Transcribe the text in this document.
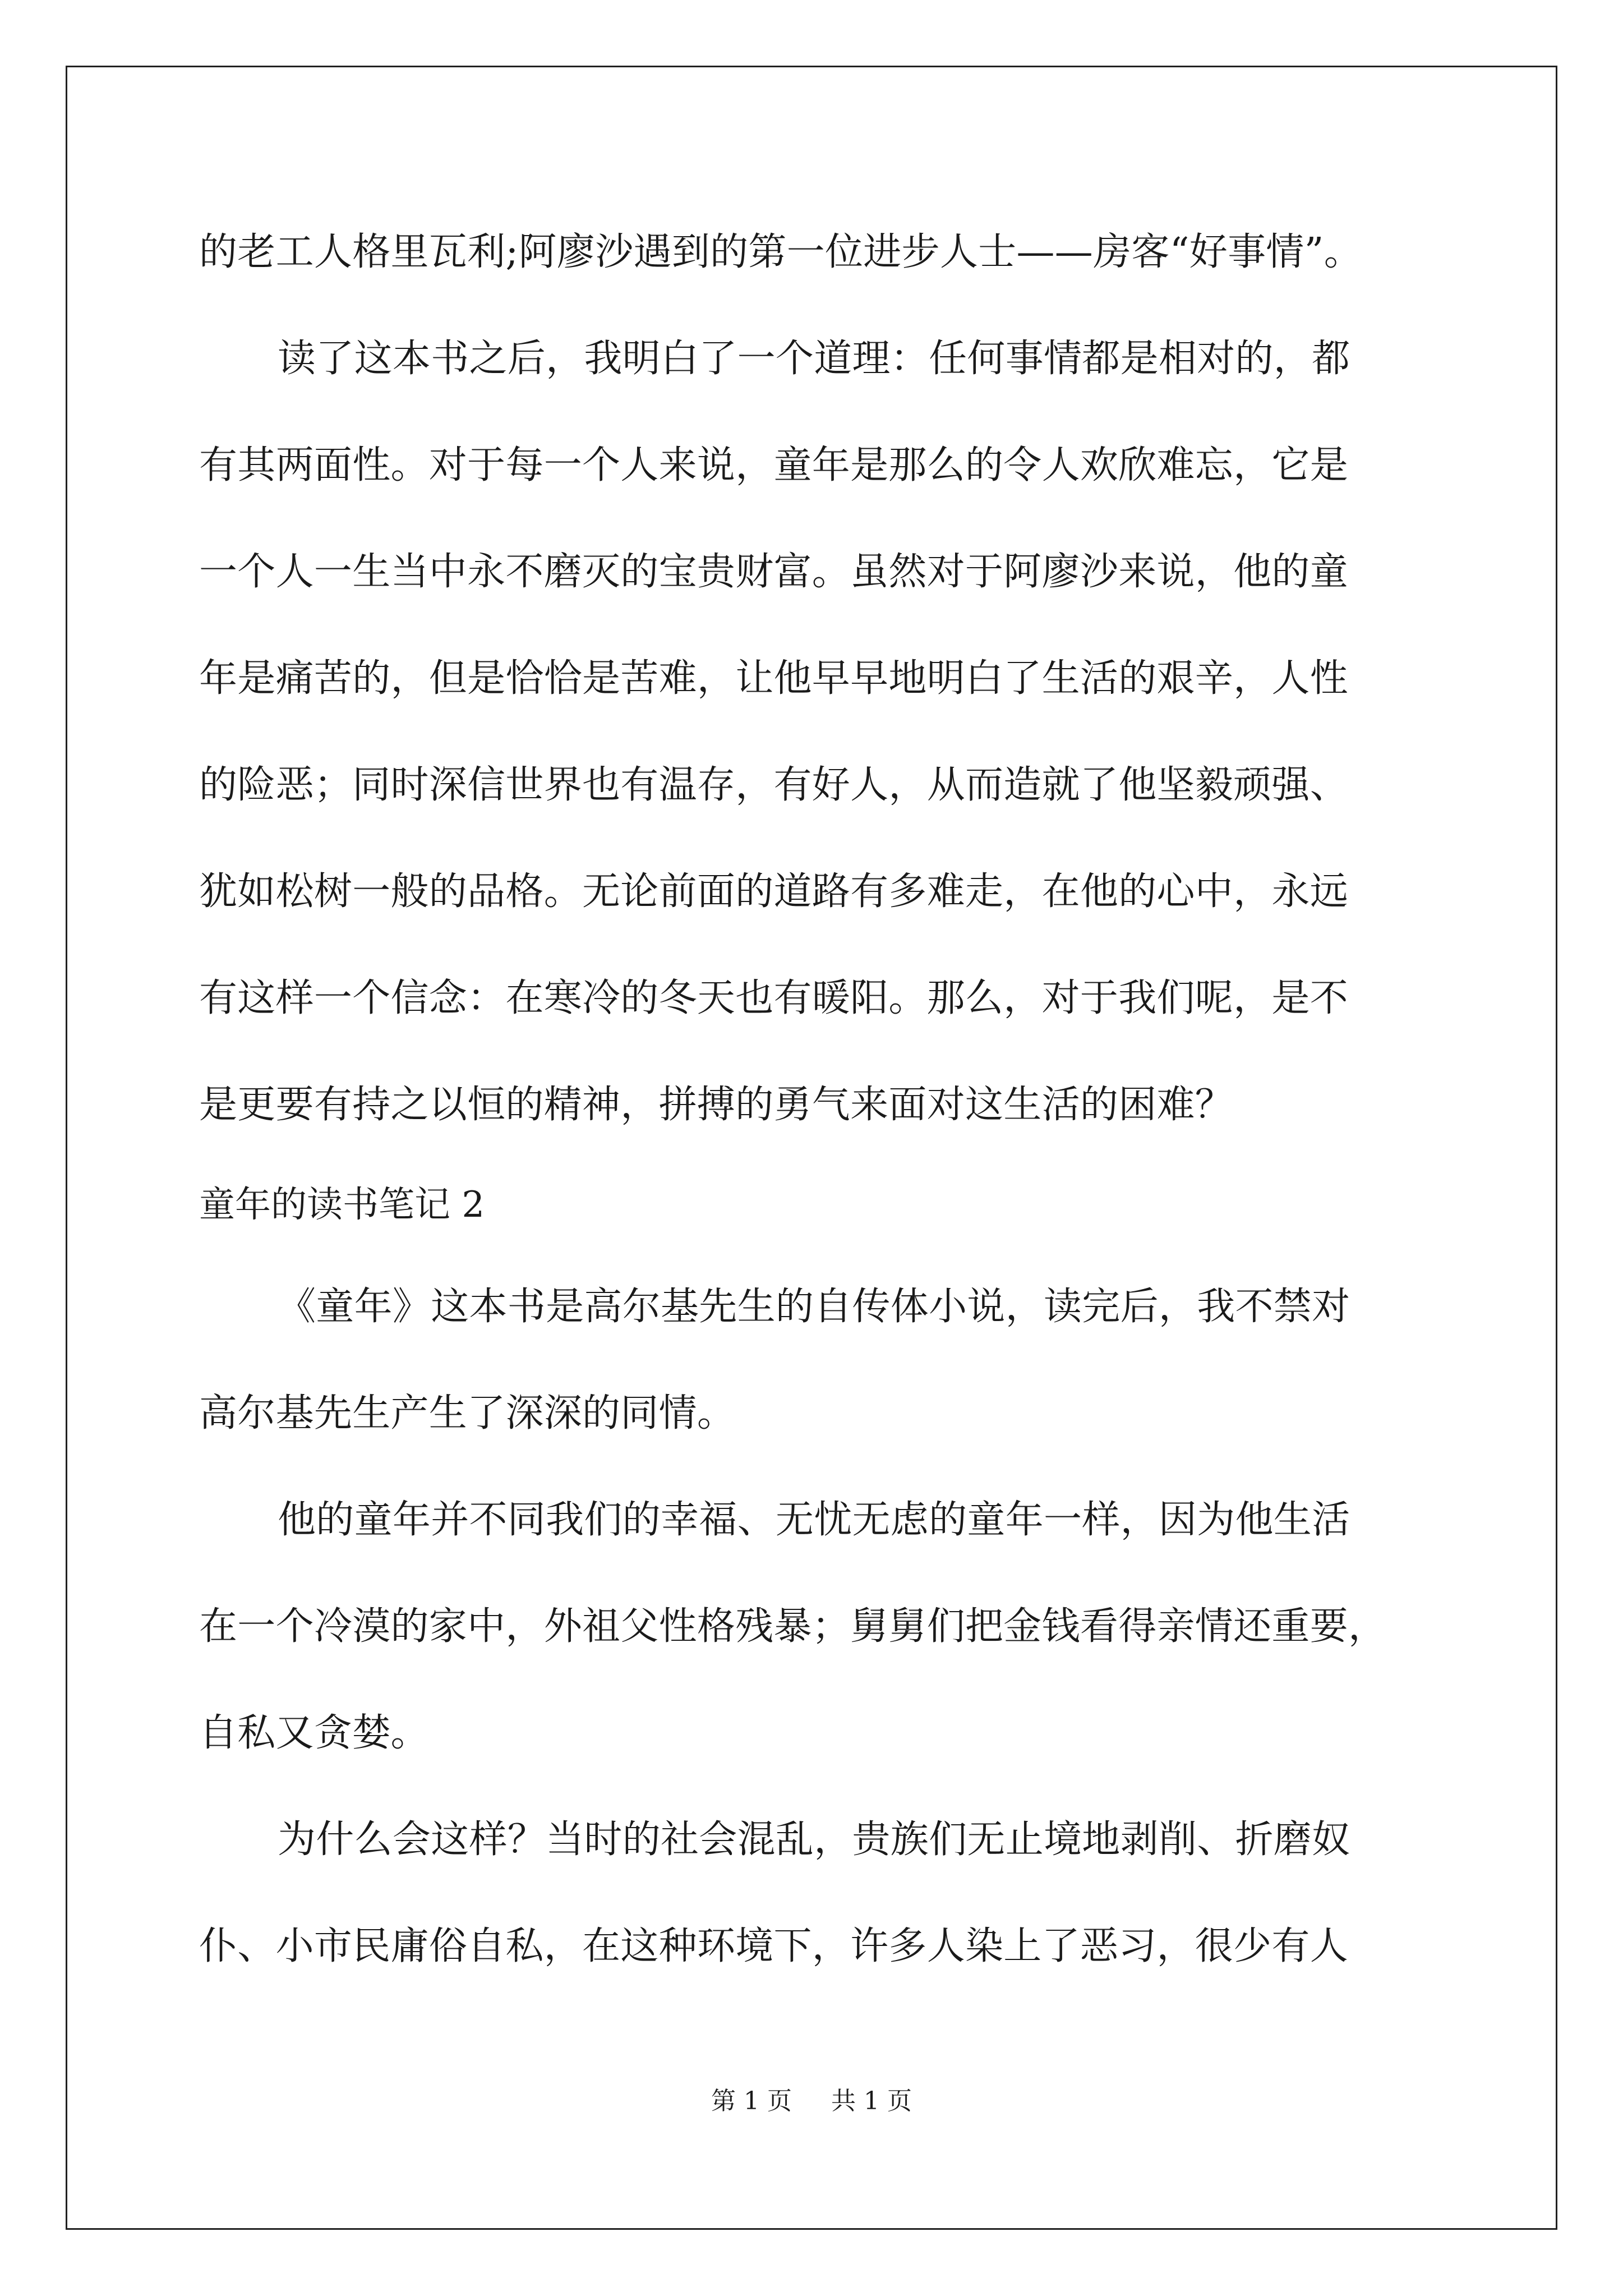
的老工人格里瓦利;阿廖沙遇到的第一位进步人士——房客“好事情”。
读了这本书之后，我明白了一个道理：任何事情都是相对的，都
有其两面性。对于每一个人来说，童年是那么的令人欢欣难忘，它是
一个人一生当中永不磨灭的宝贵财富。虽然对于阿廖沙来说，他的童
年是痛苦的，但是恰恰是苦难，让他早早地明白了生活的艰辛，人性
的险恶；同时深信世界也有温存，有好人，从而造就了他坚毅顽强、
犹如松树一般的品格。无论前面的道路有多难走，在他的心中，永远
有这样一个信念：在寒冷的冬天也有暖阳。那么，对于我们呢，是不
是更要有持之以恒的精神，拼搏的勇气来面对这生活的困难？
童年的读书笔记 2
《童年》这本书是高尔基先生的自传体小说，读完后，我不禁对
高尔基先生产生了深深的同情。
他的童年并不同我们的幸福、无忧无虑的童年一样，因为他生活
在一个冷漠的家中，外祖父性格残暴；舅舅们把金钱看得亲情还重要，
自私又贪婪。
为什么会这样？当时的社会混乱，贵族们无止境地剥削、折磨奴
仆、小市民庸俗自私，在这种环境下，许多人染上了恶习，很少有人
第 1 页 共 1 页
